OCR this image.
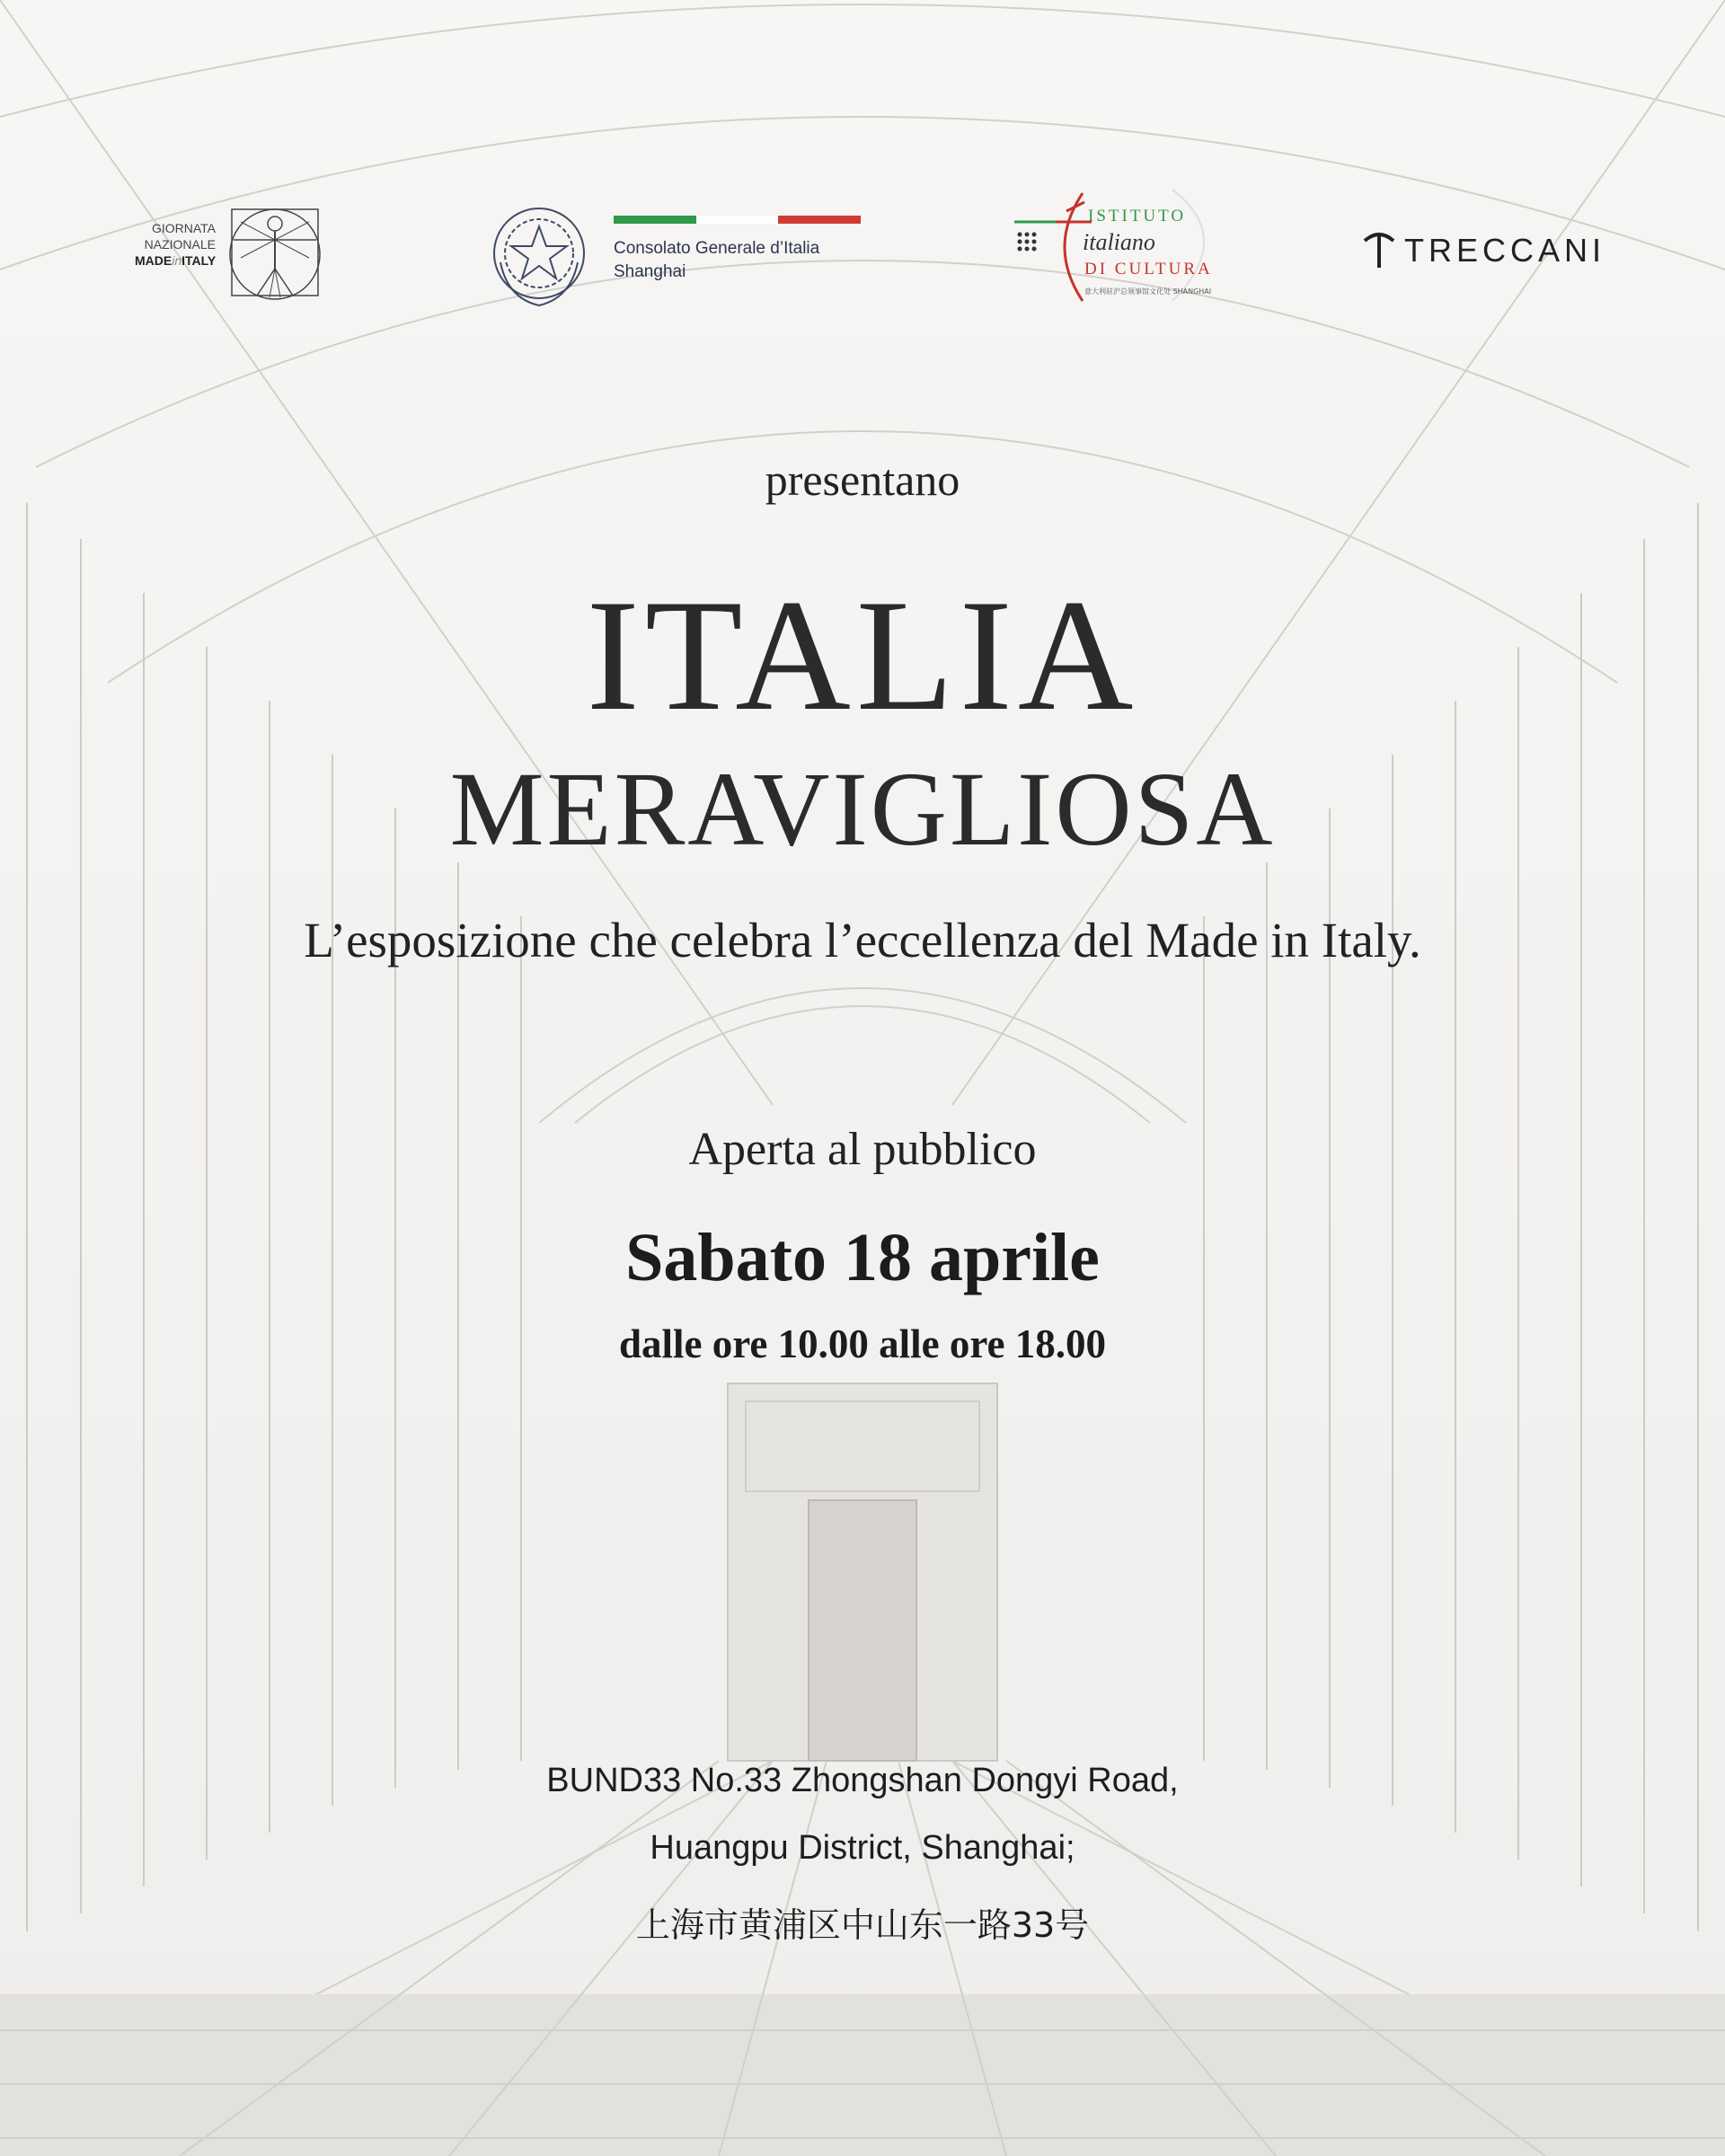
GIORNATA
NAZIONALE
MADEinITALY
Consolato Generale d’Italia
Shanghai
ISTITUTO
italiano
DI CULTURA
意大利驻沪总领事馆文化处 SHANGHAI
TRECCANI
presentano
ITALIA
MERAVIGLIOSA
L’esposizione che celebra l’eccellenza del Made in Italy.
Aperta al pubblico
Sabato 18 aprile
dalle ore 10.00 alle ore 18.00
BUND33 No.33 Zhongshan Dongyi Road,
Huangpu District, Shanghai;
上海市黄浦区中山东一路33号
